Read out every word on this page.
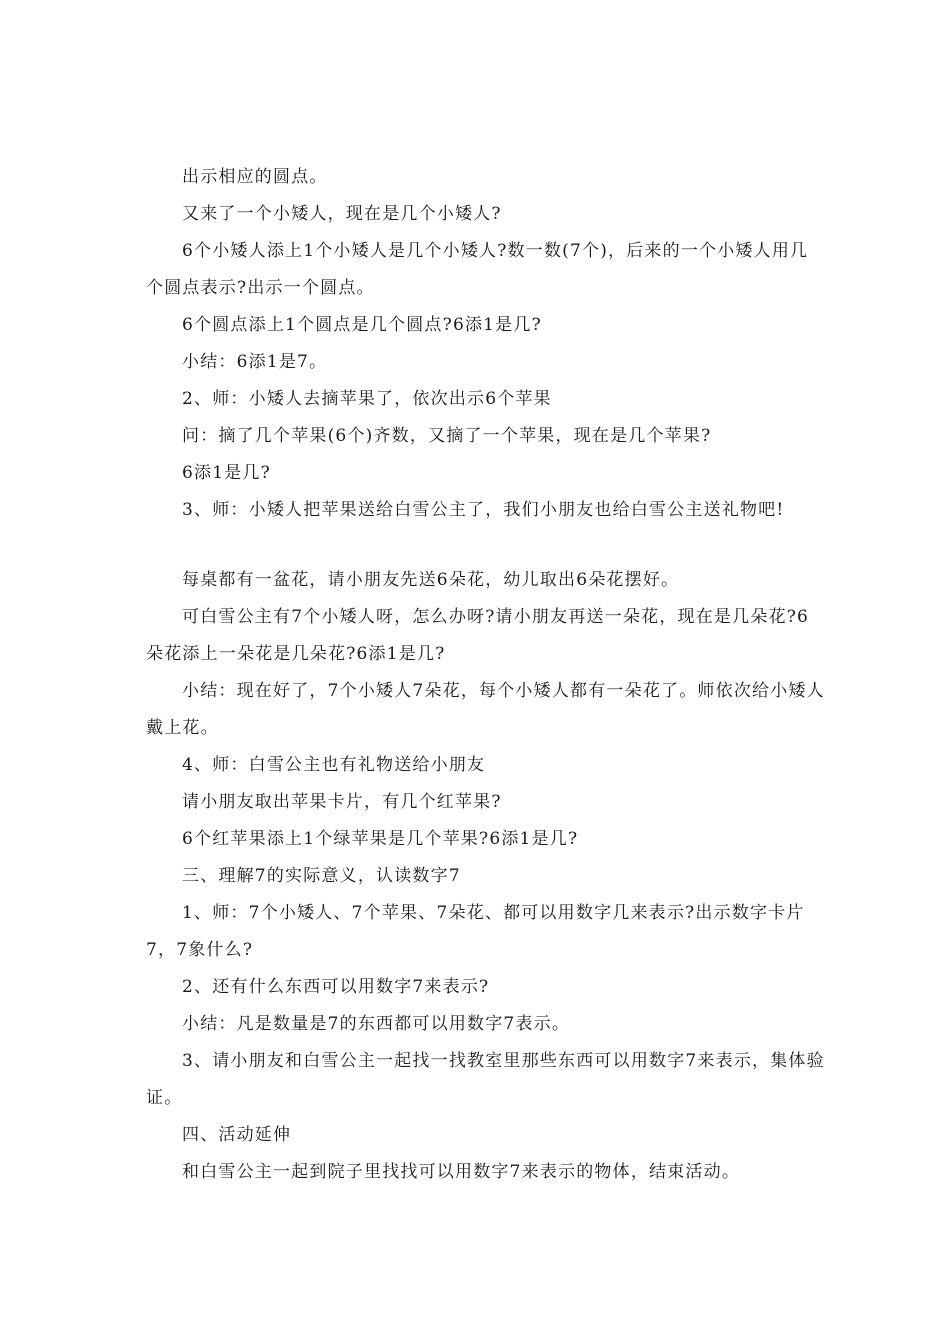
出示相应的圆点。

又来了一个小矮人，现在是几个小矮人?

6个小矮人添上1个小矮人是几个小矮人?数一数(7个)，后来的一个小矮人用几个圆点表示?出示一个圆点。

6个圆点添上1个圆点是几个圆点?6添1是几?

小结：6添1是7。

2、师：小矮人去摘苹果了，依次出示6个苹果

问：摘了几个苹果(6个)齐数，又摘了一个苹果，现在是几个苹果?

6添1是几?

3、师：小矮人把苹果送给白雪公主了，我们小朋友也给白雪公主送礼物吧!

每桌都有一盆花，请小朋友先送6朵花，幼儿取出6朵花摆好。

可白雪公主有7个小矮人呀，怎么办呀?请小朋友再送一朵花，现在是几朵花?6朵花添上一朵花是几朵花?6添1是几?

小结：现在好了，7个小矮人7朵花，每个小矮人都有一朵花了。师依次给小矮人戴上花。

4、师：白雪公主也有礼物送给小朋友

请小朋友取出苹果卡片，有几个红苹果?

6个红苹果添上1个绿苹果是几个苹果?6添1是几?

三、理解7的实际意义，认读数字7

1、师：7个小矮人、7个苹果、7朵花、都可以用数字几来表示?出示数字卡片7，7象什么?

2、还有什么东西可以用数字7来表示?

小结：凡是数量是7的东西都可以用数字7表示。

3、请小朋友和白雪公主一起找一找教室里那些东西可以用数字7来表示，集体验证。

四、活动延伸

和白雪公主一起到院子里找找可以用数字7来表示的物体，结束活动。
